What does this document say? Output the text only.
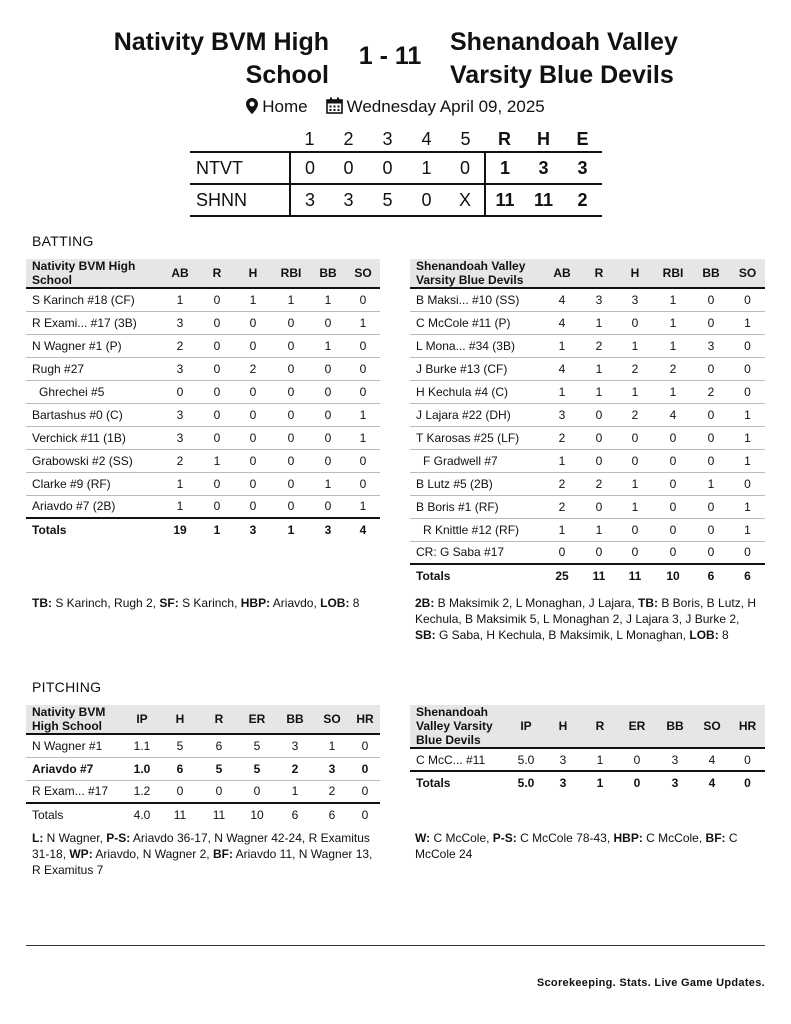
Nativity BVM High
School
1 - 11 Shenandoah Valley
Varsity Blue Devils
Home Wednesday April 09, 2025
	1	2	3	4	5	R	H	E
NTVT	0	0	0	1	0	1	3	3
SHNN	3	3	5	0	X	11	11	2
BATTING
Nativity BVM High School	AB	R	H	RBI	BB	SO
S Karinch #18 (CF)	1	0	1	1	1	0
R Exami... #17 (3B)	3	0	0	0	0	1
N Wagner #1 (P)	2	0	0	0	1	0
Rugh #27	3	0	2	0	0	0
Ghrechei #5	0	0	0	0	0	0
Bartashus #0 (C)	3	0	0	0	0	1
Verchick #11 (1B)	3	0	0	0	0	1
Grabowski #2 (SS)	2	1	0	0	0	0
Clarke #9 (RF)	1	0	0	0	1	0
Ariavdo #7 (2B)	1	0	0	0	0	1
Totals	19	1	3	1	3	4
Shenandoah Valley Varsity Blue Devils	AB	R	H	RBI	BB	SO
B Maksi... #10 (SS)	4	3	3	1	0	0
C McCole #11 (P)	4	1	0	1	0	1
L Mona... #34 (3B)	1	2	1	1	3	0
J Burke #13 (CF)	4	1	2	2	0	0
H Kechula #4 (C)	1	1	1	1	2	0
J Lajara #22 (DH)	3	0	2	4	0	1
T Karosas #25 (LF)	2	0	0	0	0	1
F Gradwell #7	1	0	0	0	0	1
B Lutz #5 (2B)	2	2	1	0	1	0
B Boris #1 (RF)	2	0	1	0	0	1
R Knittle #12 (RF)	1	1	0	0	0	1
CR: G Saba #17	0	0	0	0	0	0
Totals	25	11	11	10	6	6
TB: S Karinch, Rugh 2, SF: S Karinch, HBP: Ariavdo, LOB: 8	2B: B Maksimik 2, L Monaghan, J Lajara, TB: B Boris, B Lutz, H Kechula, B Maksimik 5, L Monaghan 2, J Lajara 3, J Burke 2, SB: G Saba, H Kechula, B Maksimik, L Monaghan, LOB: 8
PITCHING
Nativity BVM High School	IP	H	R	ER	BB	SO	HR
N Wagner #1	1.1	5	6	5	3	1	0
Ariavdo #7	1.0	6	5	5	2	3	0
R Exam... #17	1.2	0	0	0	1	2	0
Totals	4.0	11	11	10	6	6	0
Shenandoah Valley Varsity Blue Devils	IP	H	R	ER	BB	SO	HR
C McC... #11	5.0	3	1	0	3	4	0
Totals	5.0	3	1	0	3	4	0
L: N Wagner, P-S: Ariavdo 36-17, N Wagner 42-24, R Examitus 31-18, WP: Ariavdo, N Wagner 2, BF: Ariavdo 11, N Wagner 13, R Examitus 7
W: C McCole, P-S: C McCole 78-43, HBP: C McCole, BF: C McCole 24
Scorekeeping. Stats. Live Game Updates.
